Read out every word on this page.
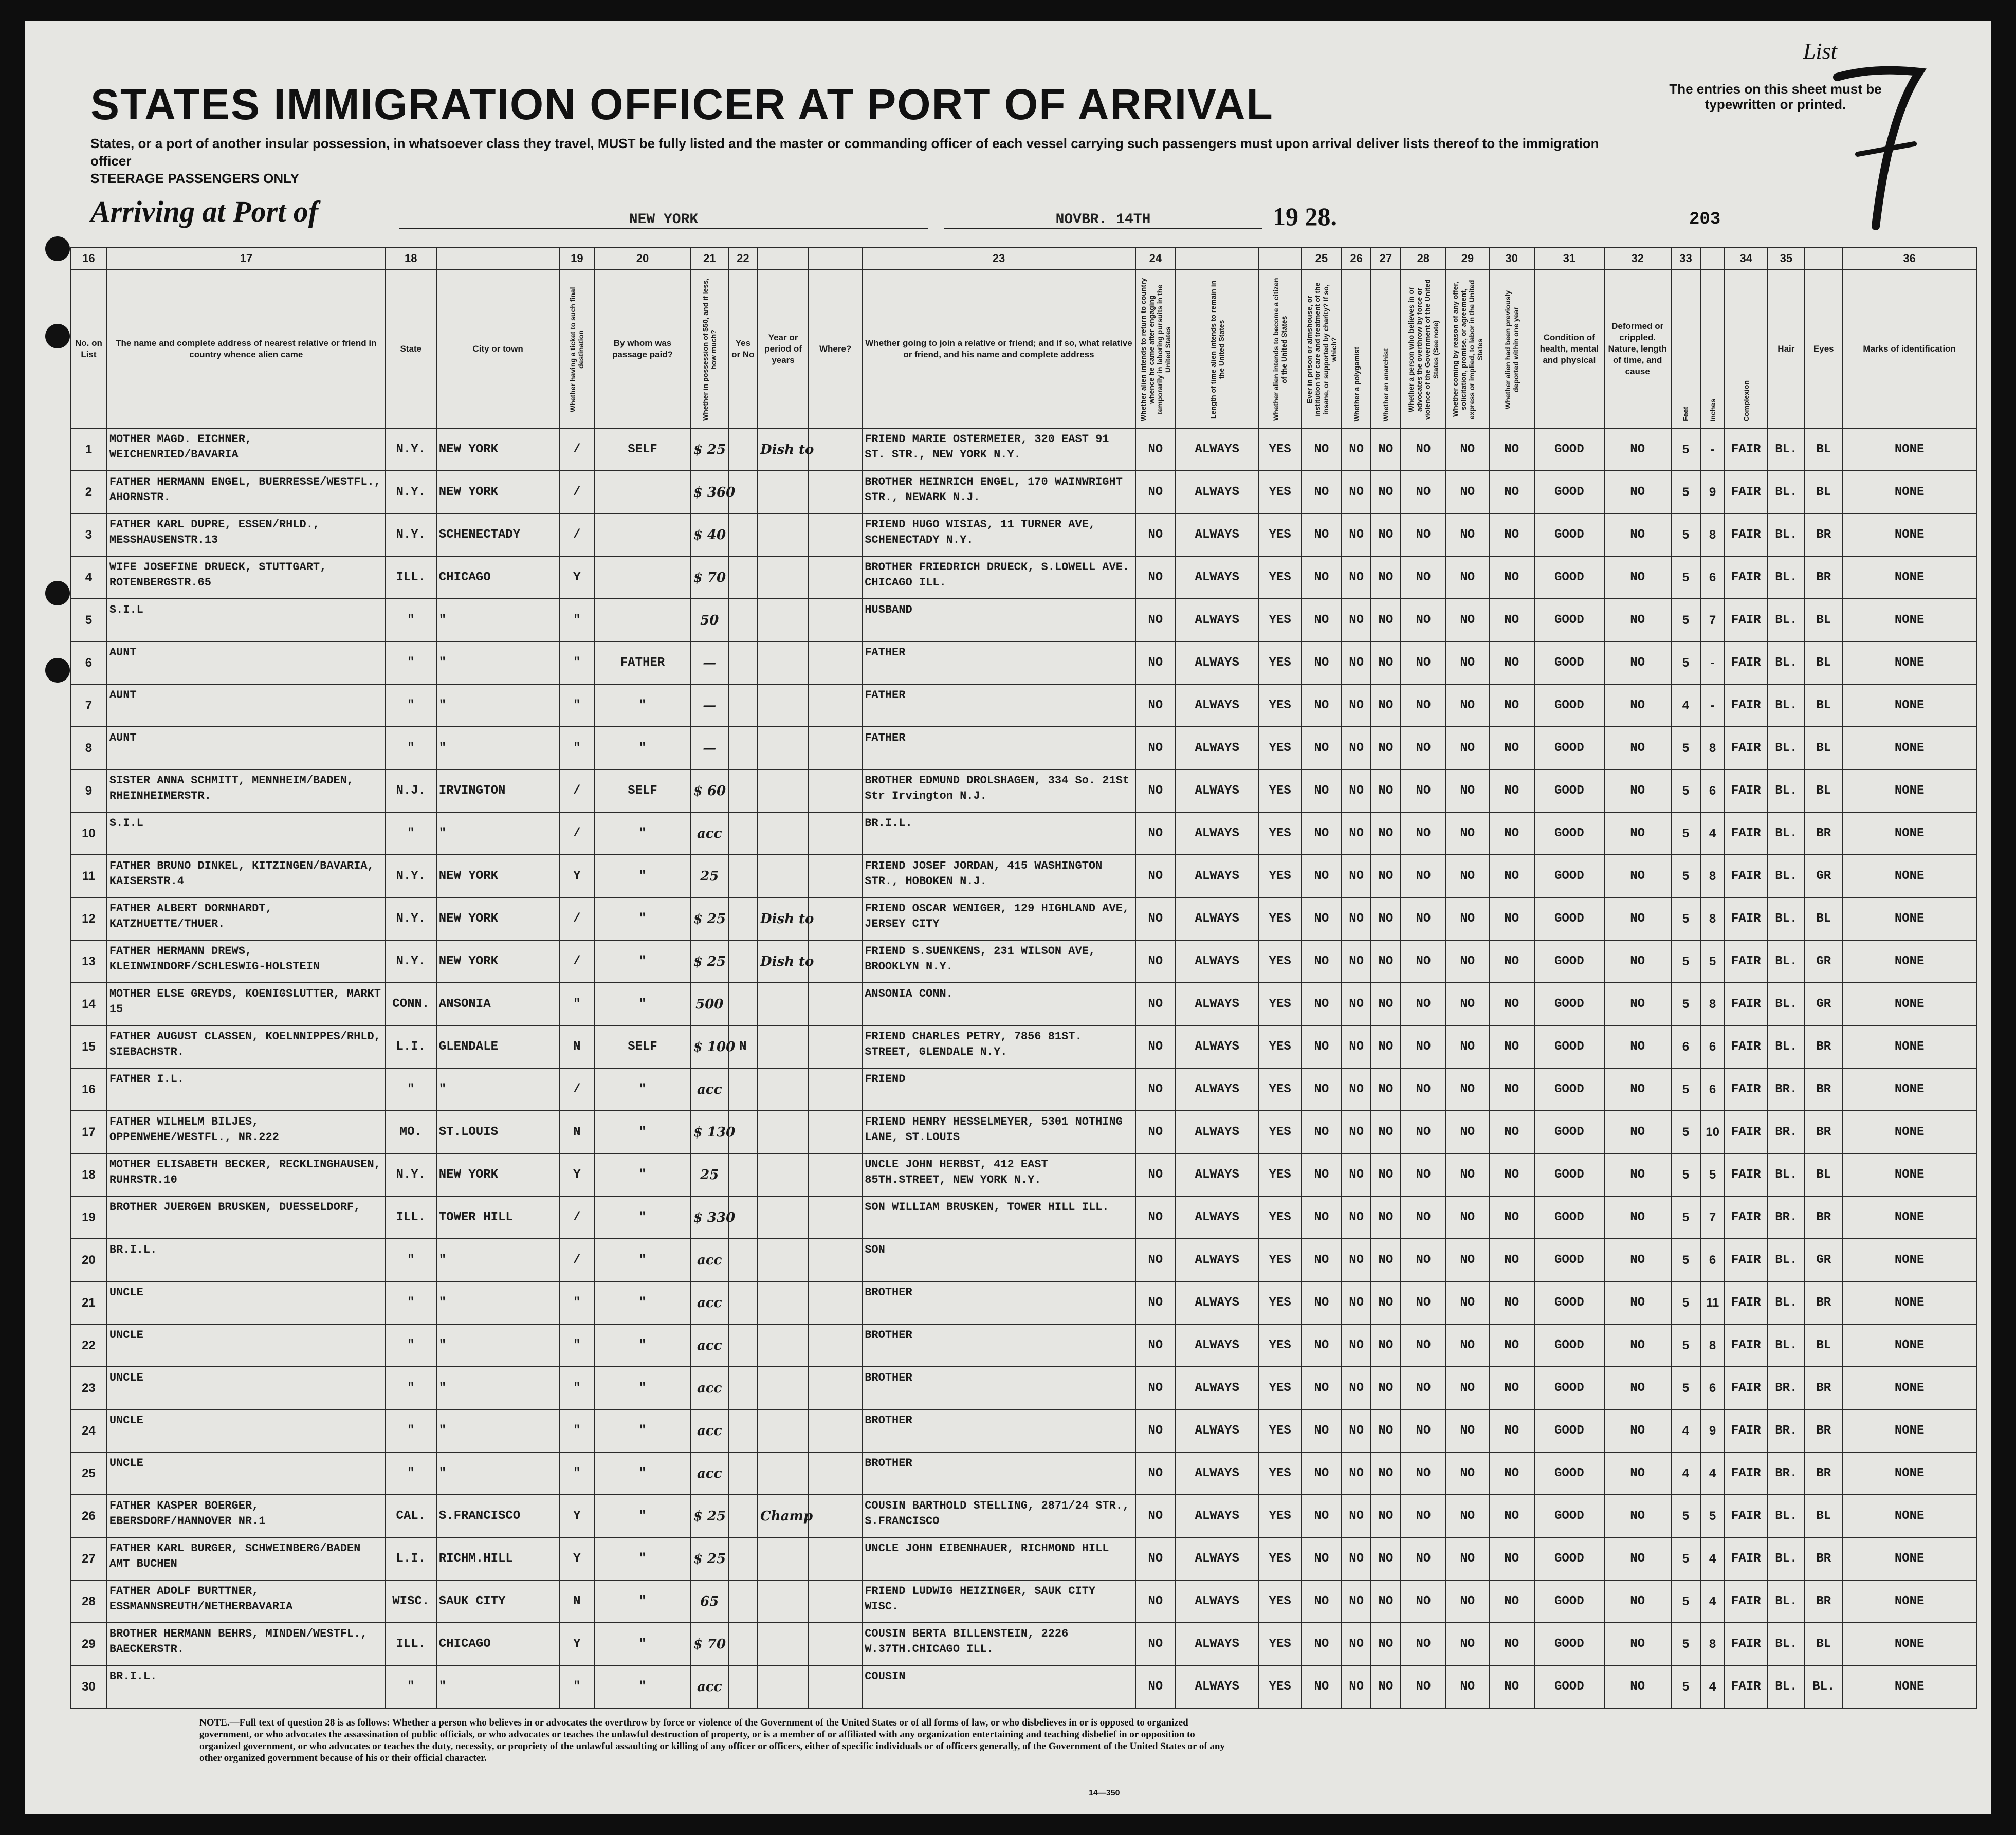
List
STATES IMMIGRATION OFFICER AT PORT OF ARRIVAL	The entries on this sheet must be typewritten or printed.
States, or a port of another insular possession, in whatsoever class they travel, MUST be fully listed and the master or commanding officer of each vessel carrying such passengers must upon arrival deliver lists thereof to the immigration officer
STEERAGE PASSENGERS ONLY
Arriving at Port of	NEW YORK	NOVBR. 14TH	19 28.	203
16	17	18		19	20	21	22			23	24			25	26	27	28	29	30	31	32	33		34	35		36
No. on List	The name and complete address of nearest relative or friend in country whence alien came	State	City or town	Whether having a ticket to such final destination	By whom was passage paid?	Whether in possession of $50, and if less, how much?	Yes or No	Year or period of years	Where?	Whether going to join a relative or friend; and if so, what relative or friend, and his name and complete address	Whether alien intends to return to country whence he came after engaging temporarily in laboring pursuits in the United States	Length of time alien intends to remain in the United States	Whether alien intends to become a citizen of the United States	Ever in prison or almshouse, or institution for care and treatment of the insane, or supported by charity? If so, which?	Whether a polygamist	Whether an anarchist	Whether a person who believes in or advocates the overthrow by force or violence of the Government of the United States (See note)	Whether coming by reason of any offer, solicitation, promise, or agreement, express or implied, to labor in the United States	Whether alien had been previously deported within one year	Condition of health, mental and physical	Deformed or crippled. Nature, length of time, and cause	Feet	Inches	Complexion	Hair	Eyes	Marks of identification
1	MOTHER MAGD. EICHNER, WEICHENRIED/BAVARIA	N.Y.	NEW YORK	/	SELF	$ 25		Dish to		FRIEND MARIE OSTERMEIER, 320 EAST 91 ST. STR., NEW YORK N.Y.	NO	ALWAYS	YES	NO	NO	NO	NO	NO	NO	GOOD	NO	5	-	FAIR	BL.	BL	NONE
2	FATHER HERMANN ENGEL, BUERRESSE/WESTFL., AHORNSTR.	N.Y.	NEW YORK	/		$ 360				BROTHER HEINRICH ENGEL, 170 WAINWRIGHT STR., NEWARK N.J.	NO	ALWAYS	YES	NO	NO	NO	NO	NO	NO	GOOD	NO	5	9	FAIR	BL.	BL	NONE
3	FATHER KARL DUPRE, ESSEN/RHLD., MESSHAUSENSTR.13	N.Y.	SCHENECTADY	/		$ 40				FRIEND HUGO WISIAS, 11 TURNER AVE, SCHENECTADY N.Y.	NO	ALWAYS	YES	NO	NO	NO	NO	NO	NO	GOOD	NO	5	8	FAIR	BL.	BR	NONE
4	WIFE JOSEFINE DRUECK, STUTTGART, ROTENBERGSTR.65	ILL.	CHICAGO	Y		$ 70				BROTHER FRIEDRICH DRUECK, S.LOWELL AVE. CHICAGO ILL.	NO	ALWAYS	YES	NO	NO	NO	NO	NO	NO	GOOD	NO	5	6	FAIR	BL.	BR	NONE
5	S.I.L	"	"	"		50				HUSBAND	NO	ALWAYS	YES	NO	NO	NO	NO	NO	NO	GOOD	NO	5	7	FAIR	BL.	BL	NONE
6	AUNT	"	"	"	FATHER	—				FATHER	NO	ALWAYS	YES	NO	NO	NO	NO	NO	NO	GOOD	NO	5	-	FAIR	BL.	BL	NONE
7	AUNT	"	"	"	"	—				FATHER	NO	ALWAYS	YES	NO	NO	NO	NO	NO	NO	GOOD	NO	4	-	FAIR	BL.	BL	NONE
8	AUNT	"	"	"	"	—				FATHER	NO	ALWAYS	YES	NO	NO	NO	NO	NO	NO	GOOD	NO	5	8	FAIR	BL.	BL	NONE
9	SISTER ANNA SCHMITT, MENNHEIM/BADEN, RHEINHEIMERSTR.	N.J.	IRVINGTON	/	SELF	$ 60				BROTHER EDMUND DROLSHAGEN, 334 So. 21St Str Irvington N.J.	NO	ALWAYS	YES	NO	NO	NO	NO	NO	NO	GOOD	NO	5	6	FAIR	BL.	BL	NONE
10	S.I.L	"	"	/	"	acc				BR.I.L.	NO	ALWAYS	YES	NO	NO	NO	NO	NO	NO	GOOD	NO	5	4	FAIR	BL.	BR	NONE
11	FATHER BRUNO DINKEL, KITZINGEN/BAVARIA, KAISERSTR.4	N.Y.	NEW YORK	Y	"	25				FRIEND JOSEF JORDAN, 415 WASHINGTON STR., HOBOKEN N.J.	NO	ALWAYS	YES	NO	NO	NO	NO	NO	NO	GOOD	NO	5	8	FAIR	BL.	GR	NONE
12	FATHER ALBERT DORNHARDT, KATZHUETTE/THUER.	N.Y.	NEW YORK	/	"	$ 25		Dish to		FRIEND OSCAR WENIGER, 129 HIGHLAND AVE, JERSEY CITY	NO	ALWAYS	YES	NO	NO	NO	NO	NO	NO	GOOD	NO	5	8	FAIR	BL.	BL	NONE
13	FATHER HERMANN DREWS, KLEINWINDORF/SCHLESWIG-HOLSTEIN	N.Y.	NEW YORK	/	"	$ 25		Dish to		FRIEND S.SUENKENS, 231 WILSON AVE, BROOKLYN N.Y.	NO	ALWAYS	YES	NO	NO	NO	NO	NO	NO	GOOD	NO	5	5	FAIR	BL.	GR	NONE
14	MOTHER ELSE GREYDS, KOENIGSLUTTER, MARKT 15	CONN.	ANSONIA	"	"	500				ANSONIA CONN.	NO	ALWAYS	YES	NO	NO	NO	NO	NO	NO	GOOD	NO	5	8	FAIR	BL.	GR	NONE
15	FATHER AUGUST CLASSEN, KOELNNIPPES/RHLD, SIEBACHSTR.	L.I.	GLENDALE	N	SELF	$ 100	N			FRIEND CHARLES PETRY, 7856 81ST. STREET, GLENDALE N.Y.	NO	ALWAYS	YES	NO	NO	NO	NO	NO	NO	GOOD	NO	6	6	FAIR	BL.	BR	NONE
16	FATHER I.L.	"	"	/	"	acc				FRIEND	NO	ALWAYS	YES	NO	NO	NO	NO	NO	NO	GOOD	NO	5	6	FAIR	BR.	BR	NONE
17	FATHER WILHELM BILJES, OPPENWEHE/WESTFL., NR.222	MO.	ST.LOUIS	N	"	$ 130				FRIEND HENRY HESSELMEYER, 5301 NOTHING LANE, ST.LOUIS	NO	ALWAYS	YES	NO	NO	NO	NO	NO	NO	GOOD	NO	5	10	FAIR	BR.	BR	NONE
18	MOTHER ELISABETH BECKER, RECKLINGHAUSEN, RUHRSTR.10	N.Y.	NEW YORK	Y	"	25				UNCLE JOHN HERBST, 412 EAST 85TH.STREET, NEW YORK N.Y.	NO	ALWAYS	YES	NO	NO	NO	NO	NO	NO	GOOD	NO	5	5	FAIR	BL.	BL	NONE
19	BROTHER JUERGEN BRUSKEN, DUESSELDORF,	ILL.	TOWER HILL	/	"	$ 330				SON WILLIAM BRUSKEN, TOWER HILL ILL.	NO	ALWAYS	YES	NO	NO	NO	NO	NO	NO	GOOD	NO	5	7	FAIR	BR.	BR	NONE
20	BR.I.L.	"	"	/	"	acc				SON	NO	ALWAYS	YES	NO	NO	NO	NO	NO	NO	GOOD	NO	5	6	FAIR	BL.	GR	NONE
21	UNCLE	"	"	"	"	acc				BROTHER	NO	ALWAYS	YES	NO	NO	NO	NO	NO	NO	GOOD	NO	5	11	FAIR	BL.	BR	NONE
22	UNCLE	"	"	"	"	acc				BROTHER	NO	ALWAYS	YES	NO	NO	NO	NO	NO	NO	GOOD	NO	5	8	FAIR	BL.	BL	NONE
23	UNCLE	"	"	"	"	acc				BROTHER	NO	ALWAYS	YES	NO	NO	NO	NO	NO	NO	GOOD	NO	5	6	FAIR	BR.	BR	NONE
24	UNCLE	"	"	"	"	acc				BROTHER	NO	ALWAYS	YES	NO	NO	NO	NO	NO	NO	GOOD	NO	4	9	FAIR	BR.	BR	NONE
25	UNCLE	"	"	"	"	acc				BROTHER	NO	ALWAYS	YES	NO	NO	NO	NO	NO	NO	GOOD	NO	4	4	FAIR	BR.	BR	NONE
26	FATHER KASPER BOERGER, EBERSDORF/HANNOVER NR.1	CAL.	S.FRANCISCO	Y	"	$ 25		Champ		COUSIN BARTHOLD STELLING, 2871/24 STR., S.FRANCISCO	NO	ALWAYS	YES	NO	NO	NO	NO	NO	NO	GOOD	NO	5	5	FAIR	BL.	BL	NONE
27	FATHER KARL BURGER, SCHWEINBERG/BADEN AMT BUCHEN	L.I.	RICHM.HILL	Y	"	$ 25				UNCLE JOHN EIBENHAUER, RICHMOND HILL	NO	ALWAYS	YES	NO	NO	NO	NO	NO	NO	GOOD	NO	5	4	FAIR	BL.	BR	NONE
28	FATHER ADOLF BURTTNER, ESSMANNSREUTH/NETHERBAVARIA	WISC.	SAUK CITY	N	"	65				FRIEND LUDWIG HEIZINGER, SAUK CITY WISC.	NO	ALWAYS	YES	NO	NO	NO	NO	NO	NO	GOOD	NO	5	4	FAIR	BL.	BR	NONE
29	BROTHER HERMANN BEHRS, MINDEN/WESTFL., BAECKERSTR.	ILL.	CHICAGO	Y	"	$ 70				COUSIN BERTA BILLENSTEIN, 2226 W.37TH.CHICAGO ILL.	NO	ALWAYS	YES	NO	NO	NO	NO	NO	NO	GOOD	NO	5	8	FAIR	BL.	BL	NONE
30	BR.I.L.	"	"	"	"	acc				COUSIN	NO	ALWAYS	YES	NO	NO	NO	NO	NO	NO	GOOD	NO	5	4	FAIR	BL.	BL.	NONE
NOTE.—Full text of question 28 is as follows: Whether a person who believes in or advocates the overthrow by force or violence of the Government of the United States or of all forms of law, or who disbelieves in or is opposed to organized government, or who advocates the assassination of public officials, or who advocates or teaches the unlawful destruction of property, or is a member of or affiliated with any organization entertaining and teaching disbelief in or opposition to organized government, or who advocates or teaches the duty, necessity, or propriety of the unlawful assaulting or killing of any officer or officers, either of specific individuals or of officers generally, of the Government of the United States or of any other organized government because of his or their official character.
14—350
